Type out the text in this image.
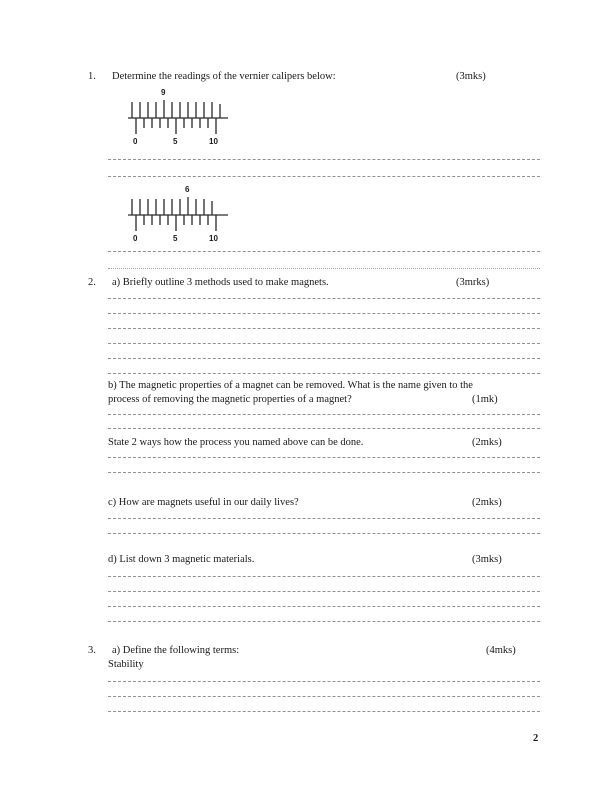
1.	Determine the readings of the vernier calipers below:	(3mks)
9
0	5	10
6
0	5	10
2.	a) Briefly outline 3 methods used to make magnets.	(3mrks)
b) The magnetic properties of a magnet can be removed. What is the name given to the
process of removing the magnetic properties of a magnet?	(1mk)
State 2 ways how the process you named above can be done.	(2mks)
c) How are magnets useful in our daily lives?	(2mks)
d) List down 3 magnetic materials.	(3mks)
3.	a) Define the following terms:	(4mks)
Stability
2
